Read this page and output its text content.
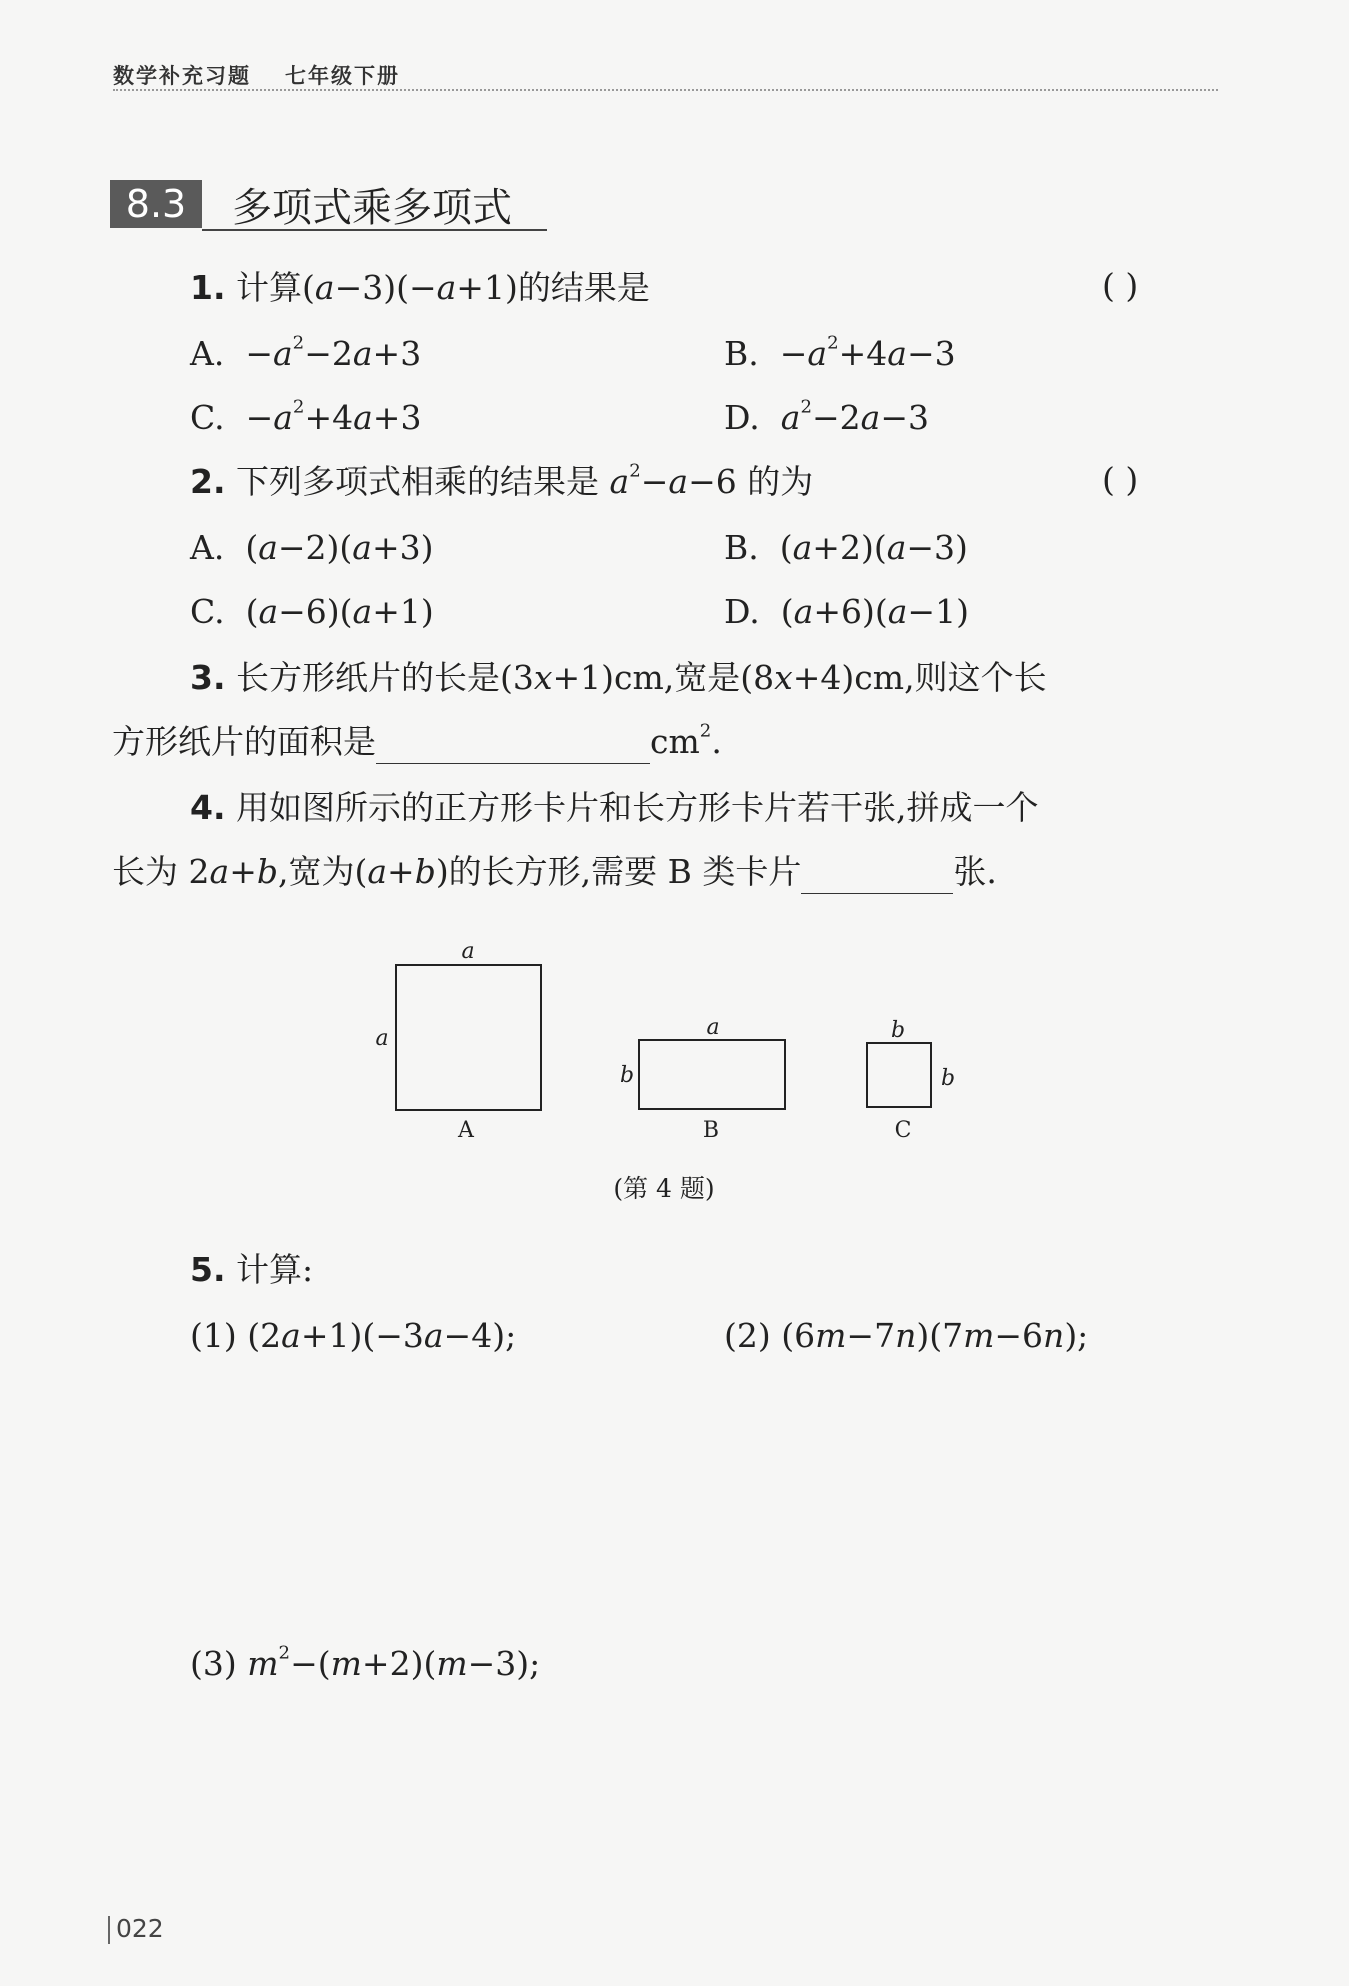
数学补充习题 七年级下册
8.3	多项式乘多项式
1. 计算(a−3)(−a+1)的结果是	( )
A. $-a^2-2a+3$	B. $-a^2+4a-3$
C. $-a^2+4a+3$	D. $a^2-2a-3$
2. 下列多项式相乘的结果是 $a^2-a-6$ 的为	( )
A. (a−2)(a+3)	B. (a+2)(a−3)
C. (a−6)(a+1)	D. (a+6)(a−1)
3. 长方形纸片的长是(3x+1)cm,宽是(8x+4)cm,则这个长
方形纸片的面积是	$cm^2$.
4. 用如图所示的正方形卡片和长方形卡片若干张,拼成一个
长为 2a+b,宽为(a+b)的长方形,需要 B 类卡片	张.
a
a
A
a
b
B
b
b
C
(第 4 题)
5. 计算:
(1) (2a+1)(−3a−4);	(2) (6m−7n)(7m−6n);
(3) $m^2-(m+2)(m-3)$;
022
